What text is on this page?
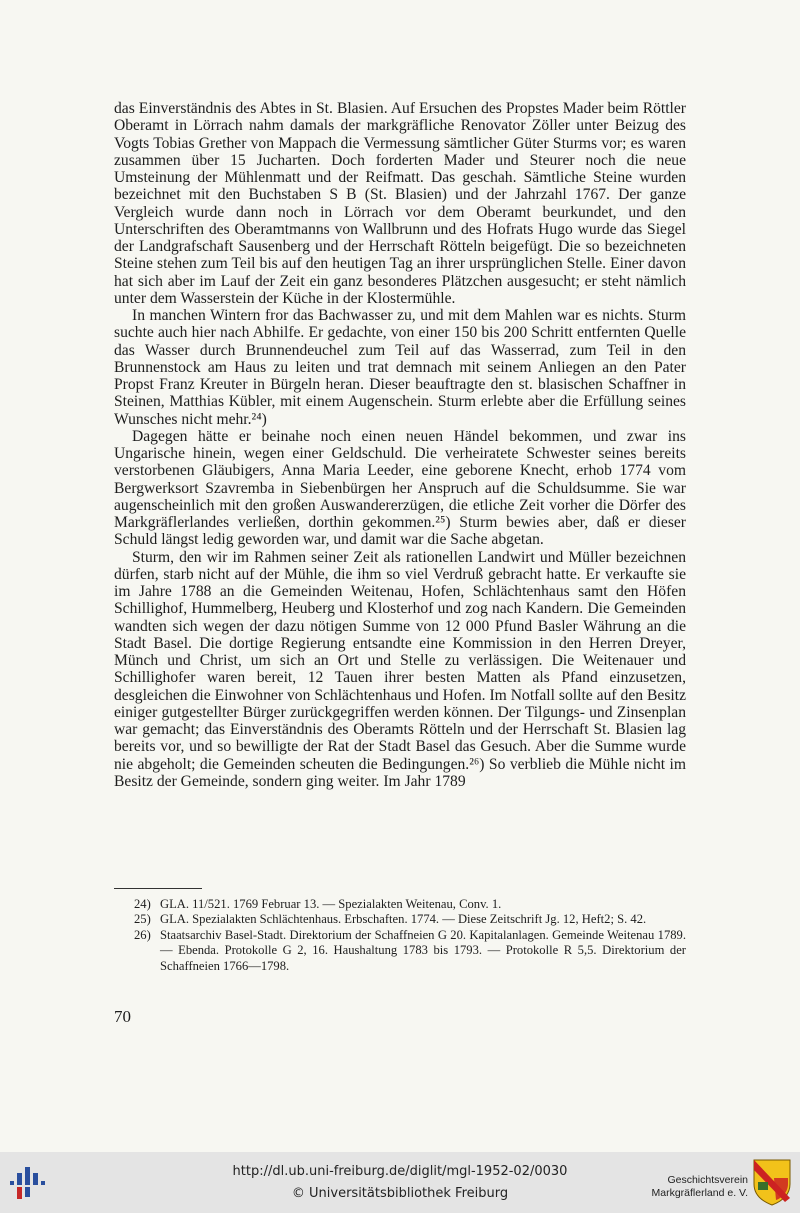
das Einverständnis des Abtes in St. Blasien. Auf Ersuchen des Propstes Mader beim Röttler Oberamt in Lörrach nahm damals der markgräfliche Renovator Zöller unter Beizug des Vogts Tobias Grether von Mappach die Vermessung sämtlicher Güter Sturms vor; es waren zusammen über 15 Jucharten. Doch forderten Mader und Steurer noch die neue Umsteinung der Mühlenmatt und der Reifmatt. Das geschah. Sämtliche Steine wurden bezeichnet mit den Buchstaben S B (St. Blasien) und der Jahrzahl 1767. Der ganze Vergleich wurde dann noch in Lörrach vor dem Oberamt beurkundet, und den Unterschriften des Oberamtmanns von Wallbrunn und des Hofrats Hugo wurde das Siegel der Landgrafschaft Sausenberg und der Herrschaft Rötteln beigefügt. Die so bezeichneten Steine stehen zum Teil bis auf den heutigen Tag an ihrer ursprünglichen Stelle. Einer davon hat sich aber im Lauf der Zeit ein ganz besonderes Plätzchen ausgesucht; er steht nämlich unter dem Wasserstein der Küche in der Klostermühle.

In manchen Wintern fror das Bachwasser zu, und mit dem Mahlen war es nichts. Sturm suchte auch hier nach Abhilfe. Er gedachte, von einer 150 bis 200 Schritt entfernten Quelle das Wasser durch Brunnendeuchel zum Teil auf das Wasserrad, zum Teil in den Brunnenstock am Haus zu leiten und trat demnach mit seinem Anliegen an den Pater Propst Franz Kreuter in Bürgeln heran. Dieser beauftragte den st. blasischen Schaffner in Steinen, Matthias Kübler, mit einem Augenschein. Sturm erlebte aber die Erfüllung seines Wunsches nicht mehr.²⁴)

Dagegen hätte er beinahe noch einen neuen Händel bekommen, und zwar ins Ungarische hinein, wegen einer Geldschuld. Die verheiratete Schwester seines bereits verstorbenen Gläubigers, Anna Maria Leeder, eine geborene Knecht, erhob 1774 vom Bergwerksort Szavremba in Siebenbürgen her Anspruch auf die Schuldsumme. Sie war augenscheinlich mit den großen Auswandererzügen, die etliche Zeit vorher die Dörfer des Markgräflerlandes verließen, dorthin gekommen.²⁵) Sturm bewies aber, daß er dieser Schuld längst ledig geworden war, und damit war die Sache abgetan.

Sturm, den wir im Rahmen seiner Zeit als rationellen Landwirt und Müller bezeichnen dürfen, starb nicht auf der Mühle, die ihm so viel Verdruß gebracht hatte. Er verkaufte sie im Jahre 1788 an die Gemeinden Weitenau, Hofen, Schlächtenhaus samt den Höfen Schillighof, Hummelberg, Heuberg und Klosterhof und zog nach Kandern. Die Gemeinden wandten sich wegen der dazu nötigen Summe von 12 000 Pfund Basler Währung an die Stadt Basel. Die dortige Regierung entsandte eine Kommission in den Herren Dreyer, Münch und Christ, um sich an Ort und Stelle zu verlässigen. Die Weitenauer und Schillighofer waren bereit, 12 Tauen ihrer besten Matten als Pfand einzusetzen, desgleichen die Einwohner von Schlächtenhaus und Hofen. Im Notfall sollte auf den Besitz einiger gutgestellter Bürger zurückgegriffen werden können. Der Tilgungs- und Zinsenplan war gemacht; das Einverständnis des Oberamts Rötteln und der Herrschaft St. Blasien lag bereits vor, und so bewilligte der Rat der Stadt Basel das Gesuch. Aber die Summe wurde nie abgeholt; die Gemeinden scheuten die Bedingungen.²⁶) So verblieb die Mühle nicht im Besitz der Gemeinde, sondern ging weiter. Im Jahr 1789

24) GLA. 11/521. 1769 Februar 13. — Spezialakten Weitenau, Conv. 1.
25) GLA. Spezialakten Schlächtenhaus. Erbschaften. 1774. — Diese Zeitschrift Jg. 12, Heft2; S. 42.
26) Staatsarchiv Basel-Stadt. Direktorium der Schaffneien G 20. Kapitalanlagen. Gemeinde Weitenau 1789. — Ebenda. Protokolle G 2, 16. Haushaltung 1783 bis 1793. — Protokolle R 5,5. Direktorium der Schaffneien 1766—1798.
70
http://dl.ub.uni-freiburg.de/diglit/mgl-1952-02/0030
© Universitätsbibliothek Freiburg
Geschichtsverein
Markgräflerland e. V.
